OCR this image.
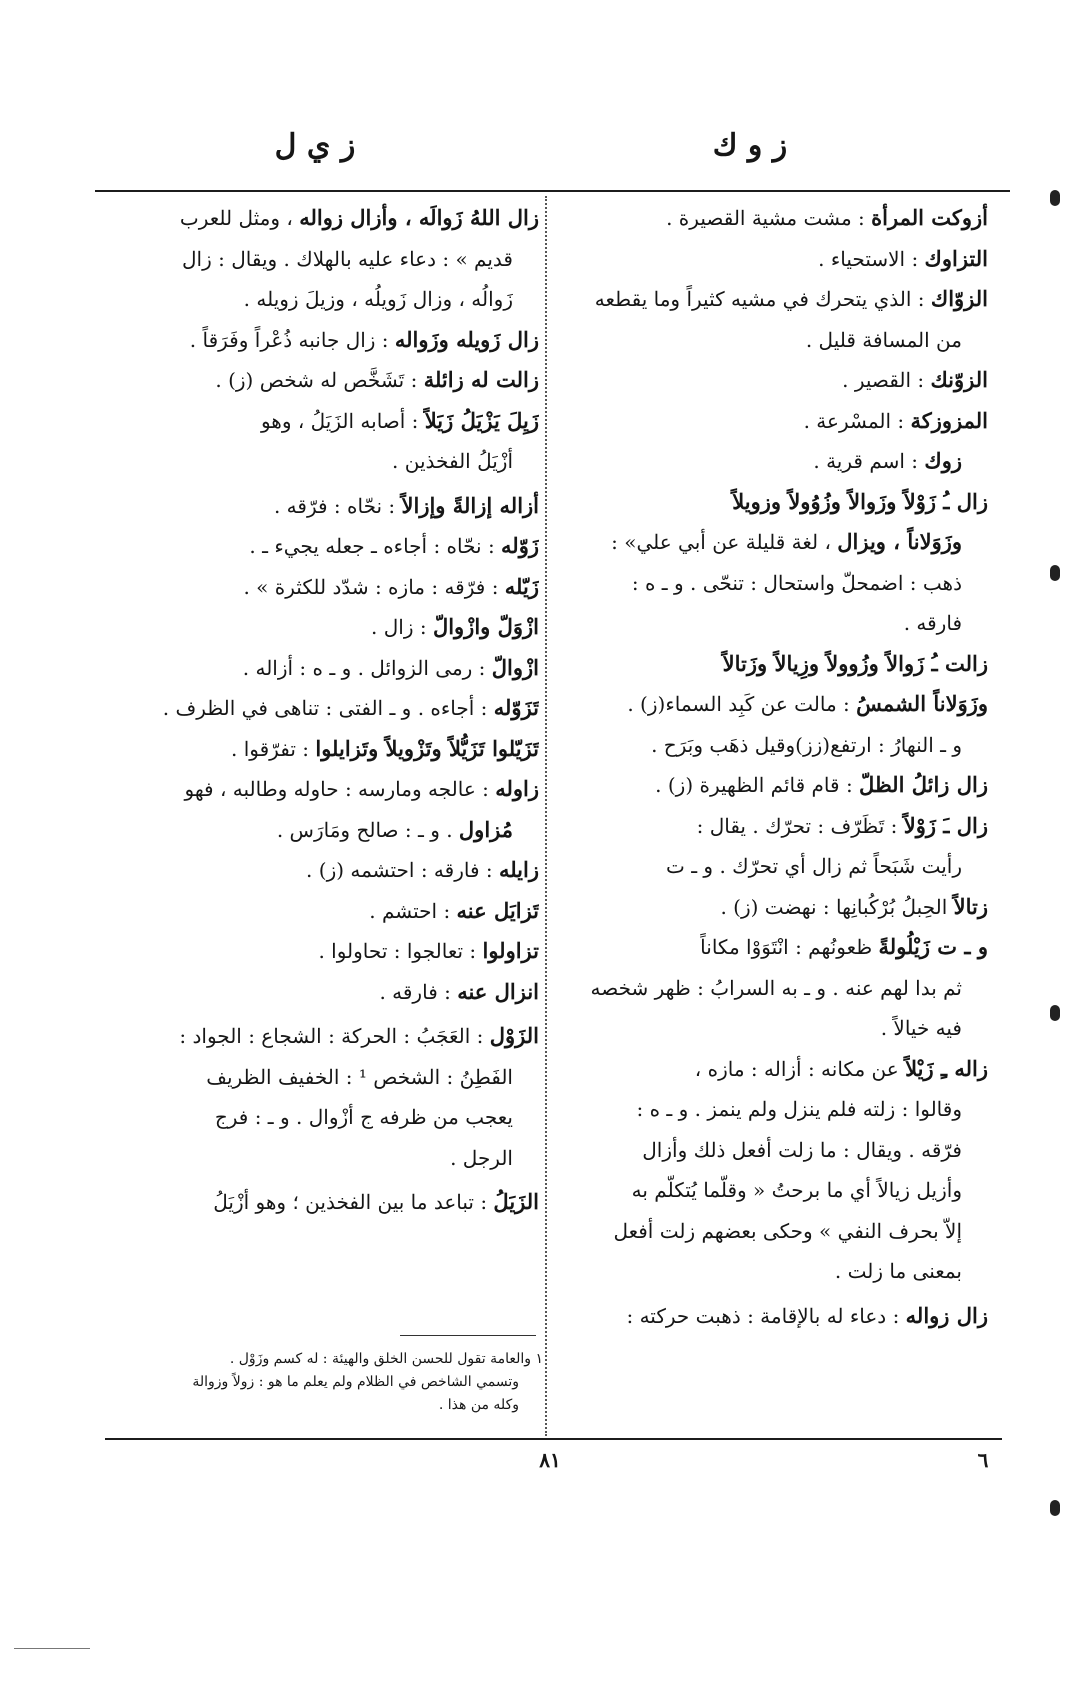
ز و ك
ز ي ل
أزوكت المرأة : مشت مشية القصيرة .
التزاوك : الاستحياء .
الزوّاك : الذي يتحرك في مشيه كثيراً وما يقطعه
من المسافة قليل .
الزوّنك : القصير .
المزوزكة : المسْرعة .
زوك : اسم قرية .
زال ـُ زَوْلاً وزَوالاً وزُوُولاً وزويلاً
وزَوَلاناً ، ويزال ، لغة قليلة عن أبي علي» :
ذهب : اضمحلّ واستحال : تنحّى . و ـ ه :
فارقه .
زالت ـُ زَوالاً وزُوولاً وزِيالاً وزَتالاً
وزَوَلاناً الشمسُ : مالت عن كَبِد السماء(ز) .
و ـ النهارُ : ارتفع(زز)وقيل ذهَب وبَرَح .
زال زائلُ الظلّ : قام قائم الظهيرة (ز) .
زال ـَ زَوْلاً : تَظَرّف : تحرّك . يقال :
رأيت شَبَحاً ثم زال أي تحرّك . و ـ ت
زتالاً الحِبلُ بُرْكُبانِها : نهضت (ز) .
و ـ ت زَيْلُولةً ظعونُهم : انْتَوَوْا مكاناً
ثم بدا لهم عنه . و ـ به السرابُ : ظهر شخصه
فيه خيالاً .
زاله ـِ زَيْلاً عن مكانه : أزاله : مازه ،
وقالوا : زلته فلم ينزل ولم ينمز . و ـ ه :
فرّقه . ويقال : ما زلت أفعل ذلك وأزال
وأزيل زيالاً أي ما برحتُ « وقلّما يُتكلّم به
إلاّ بحرف النفي » وحكى بعضهم زلت أفعل
بمعنى ما زلت .
زال زواله : دعاء له بالإقامة : ذهبت حركته :
زال اللهُ زَوالَه ، وأزال زواله ، ومثل للعرب
قديم » : دعاء عليه بالهلاك . ويقال : زال
زَوالُه ، وزال زَويلُه ، وزيلَ زويله .
زال زَويله وزَواله : زال جانبه ذُعْراً وفَرَقاً .
زالت له زائلة : تَشَخَّص له شخص (ز) .
زَيِلَ يَزْيَلُ زَيَلاً : أصابه الزَيَلُ ، وهو
أزْيَلُ الفخذين .
أزاله إزالةً وإزالاً : نحّاه : فرّقه .
زَوّله : نحّاه : أجاءه ـ جعله يجيء ـ .
زَيّله : فرّقه : مازه : شدّد للكثرة » .
ازْوَلّ وازْوالّ : زال .
ازْوالّ : رمى الزوائل . و ـ ه : أزاله .
تَزَوّله : أجاءه . و ـ الفتى : تناهى في الظرف .
تَزَيّلوا تَزَيُّلاً وتَزْويلاً وتَزايلوا : تفرّقوا .
زاوله : عالجه ومارسه : حاوله وطالبه ، فهو
مُزاول . و ـ : صالح ومَارَس .
زايله : فارقه : احتشمه (ز) .
تَزايَل عنه : احتشم .
تزاولوا : تعالجوا : تحاولوا .
انزال عنه : فارقه .
الزَوْل : العَجَبُ : الحركة : الشجاع : الجواد :
الفَطِنُ : الشخص ¹ : الخفيف الظريف
يعجب من ظرفه ج أزْوال . و ـ : فرج
الرجل .
الزَيَلُ : تباعد ما بين الفخذين ؛ وهو أزْيَلُ
١ والعامة تقول للحسن الخلق والهيئة : له كسم وزَوْل .
وتسمي الشاخص في الظلام ولم يعلم ما هو : زولاً وزوالة
وكله من هذا .
٦
٨١
